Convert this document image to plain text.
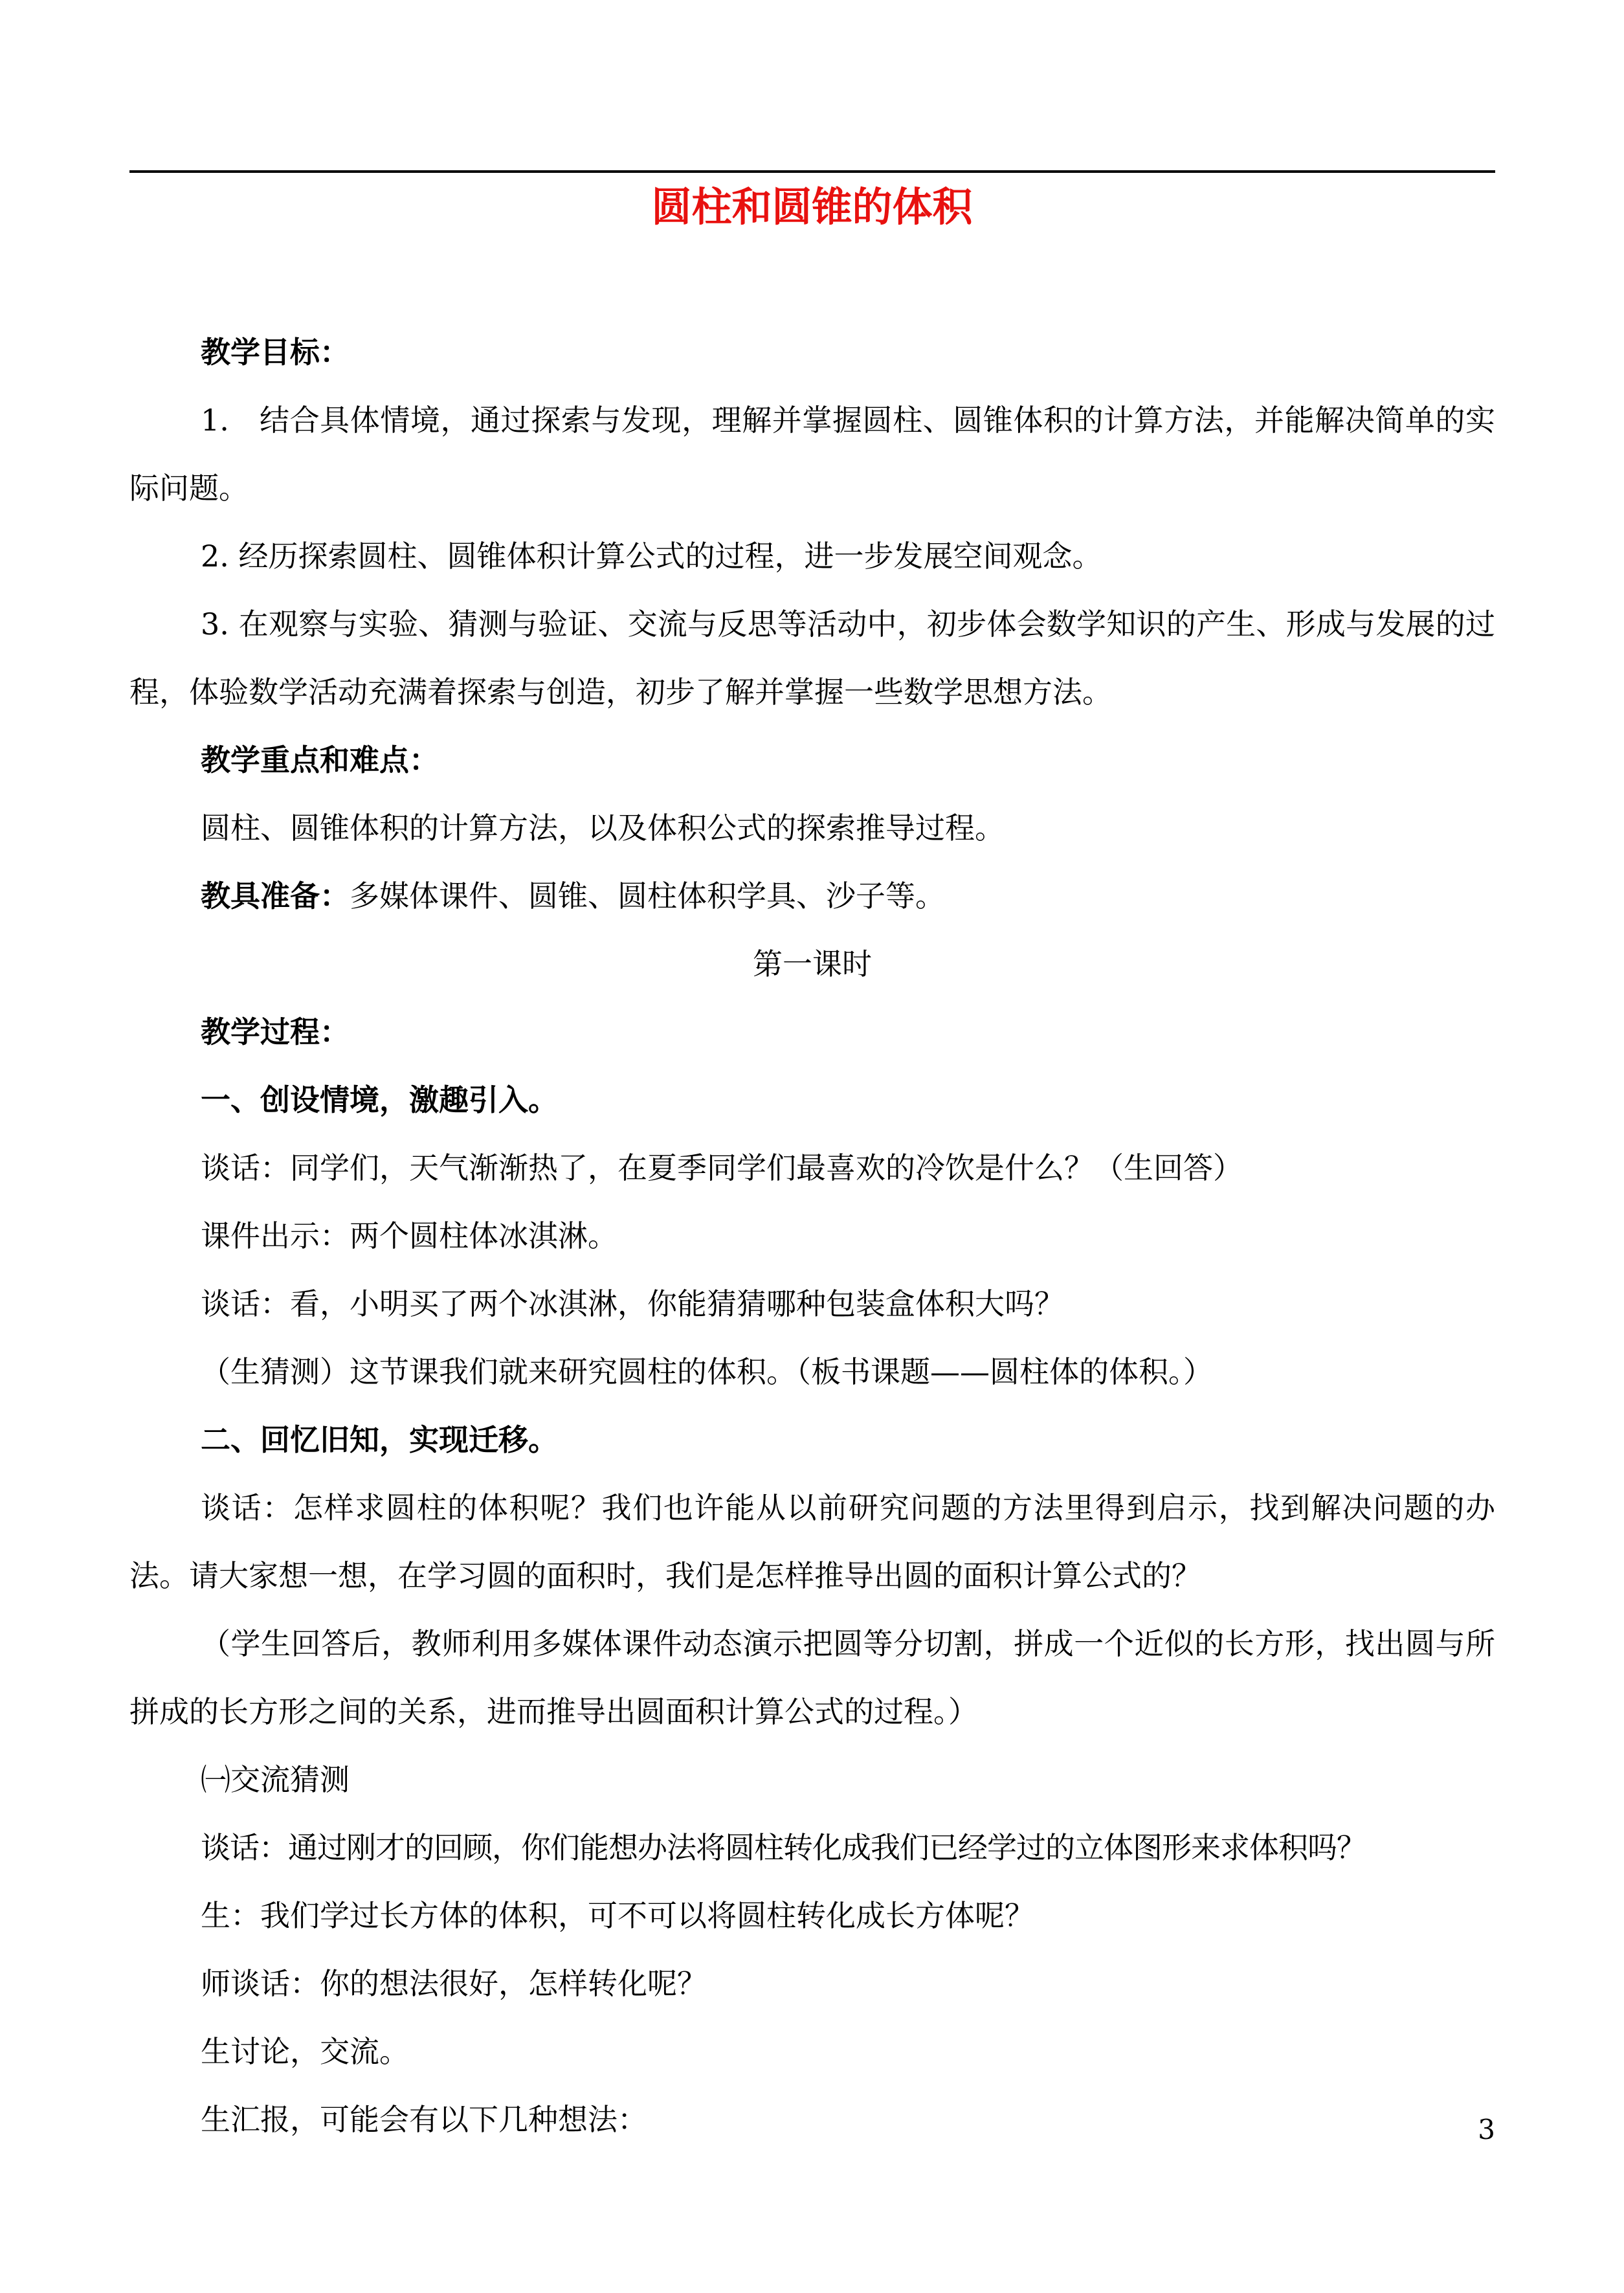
圆柱和圆锥的体积

教学目标：

1.　结合具体情境，通过探索与发现，理解并掌握圆柱、圆锥体积的计算方法，并能解决简单的实际问题。

2. 经历探索圆柱、圆锥体积计算公式的过程，进一步发展空间观念。

3. 在观察与实验、猜测与验证、交流与反思等活动中，初步体会数学知识的产生、形成与发展的过程，体验数学活动充满着探索与创造，初步了解并掌握一些数学思想方法。

教学重点和难点：

圆柱、圆锥体积的计算方法，以及体积公式的探索推导过程。

教具准备：多媒体课件、圆锥、圆柱体积学具、沙子等。

第一课时

教学过程：

一、创设情境，激趣引入。

谈话：同学们，天气渐渐热了，在夏季同学们最喜欢的冷饮是什么？（生回答）

课件出示：两个圆柱体冰淇淋。

谈话：看，小明买了两个冰淇淋，你能猜猜哪种包装盒体积大吗？

（生猜测）这节课我们就来研究圆柱的体积。（板书课题——圆柱体的体积。）

二、回忆旧知，实现迁移。

谈话：怎样求圆柱的体积呢？我们也许能从以前研究问题的方法里得到启示，找到解决问题的办法。请大家想一想，在学习圆的面积时，我们是怎样推导出圆的面积计算公式的？

（学生回答后，教师利用多媒体课件动态演示把圆等分切割，拼成一个近似的长方形，找出圆与所拼成的长方形之间的关系，进而推导出圆面积计算公式的过程。）

㈠交流猜测

谈话：通过刚才的回顾，你们能想办法将圆柱转化成我们已经学过的立体图形来求体积吗？

生：我们学过长方体的体积，可不可以将圆柱转化成长方体呢？

师谈话：你的想法很好，怎样转化呢？

生讨论，交流。

生汇报，可能会有以下几种想法：	3
